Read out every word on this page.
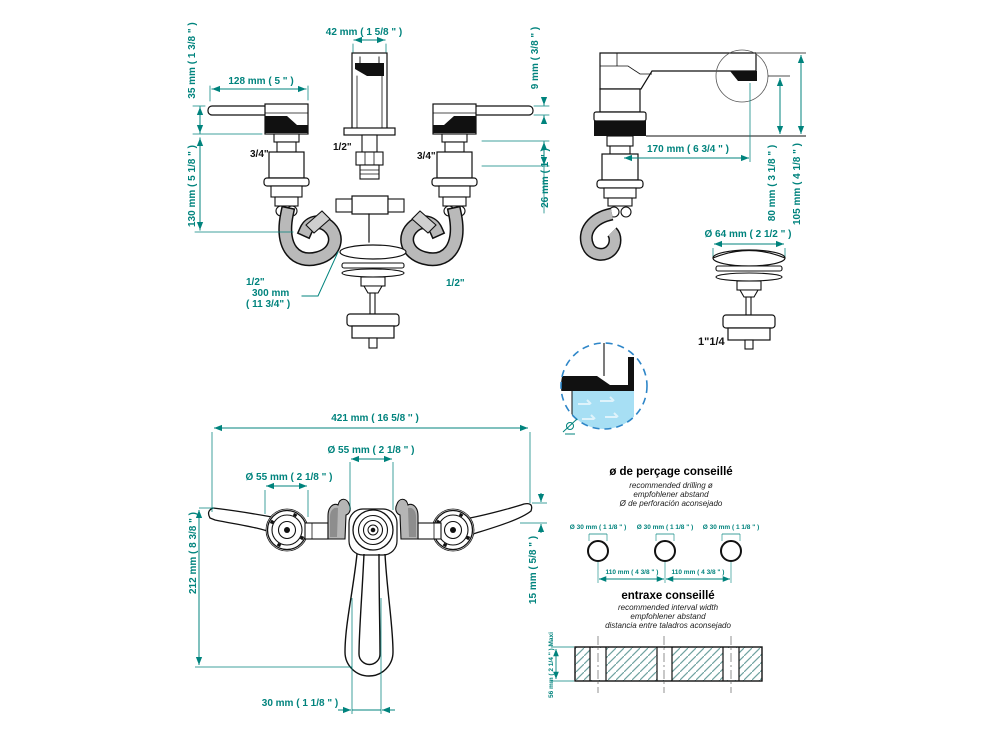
128 mm ( 5 " )
35 mm ( 1 3/8 " )	42 mm ( 1 5/8 " )	9 mm ( 3/8 " )
130 mm ( 5 1/8 " )	26 mm ( 1 " )
3/4"
1/2"
3/4"
1/2"
300 mm
( 11 3/4" )
1/2"
170 mm ( 6 3/4 " )	80 mm ( 3 1/8 " ) 105 mm ( 4 1/8 " )
Ø 64 mm ( 2 1/2 " )
1"1/4
421 mm ( 16 5/8 '' )
Ø 55 mm ( 2 1/8 " )
Ø 55 mm ( 2 1/8 " )
212 mm ( 8 3/8 " )	15 mm ( 5/8 " )
30 mm ( 1 1/8 " )
ø de perçage conseillé
recommended drilling ø
empfohlener abstand
Ø de perforación aconsejado
Ø 30 mm ( 1 1/8 " ) Ø 30 mm ( 1 1/8 " ) Ø 30 mm ( 1 1/8 " )
110 mm ( 4 3/8 " )	110 mm ( 4 3/8 " )
entraxe conseillé
recommended interval width
empfohlener abstand
distancia entre taladros aconsejado
56 mm ( 2 1/4 '' ) Maxi
